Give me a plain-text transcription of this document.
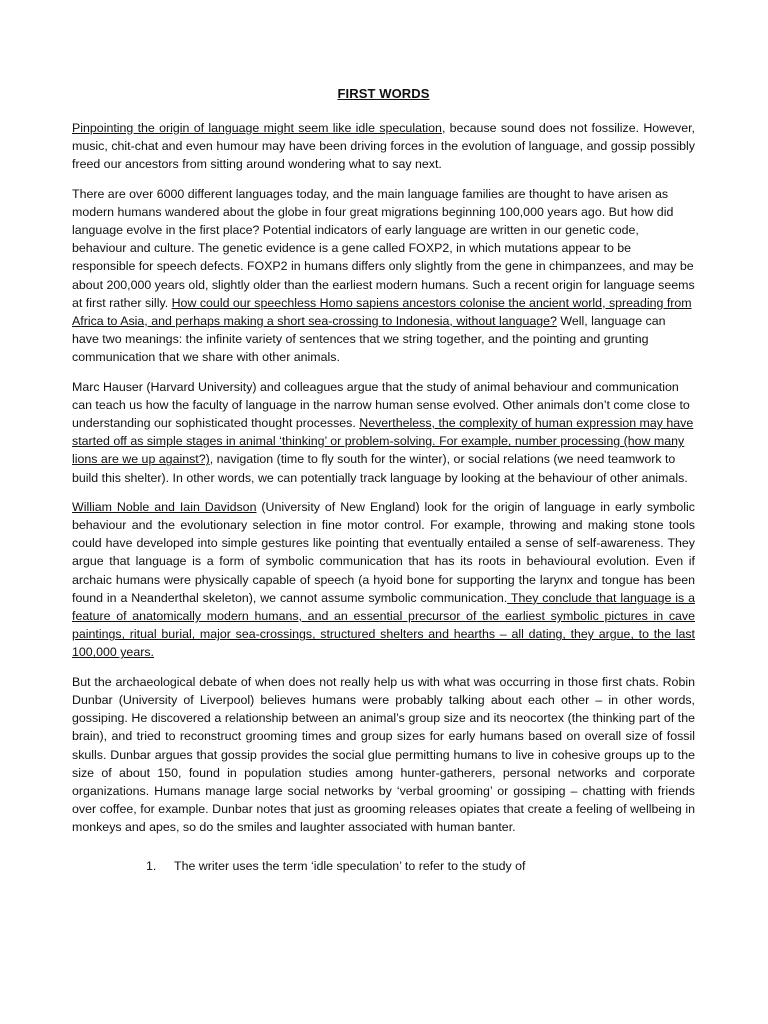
FIRST WORDS

Pinpointing the origin of language might seem like idle speculation, because sound does not fossilize. However, music, chit-chat and even humour may have been driving forces in the evolution of language, and gossip possibly freed our ancestors from sitting around wondering what to say next.

There are over 6000 different languages today, and the main language families are thought to have arisen as modern humans wandered about the globe in four great migrations beginning 100,000 years ago. But how did language evolve in the first place? Potential indicators of early language are written in our genetic code, behaviour and culture. The genetic evidence is a gene called FOXP2, in which mutations appear to be responsible for speech defects. FOXP2 in humans differs only slightly from the gene in chimpanzees, and may be about 200,000 years old, slightly older than the earliest modern humans. Such a recent origin for language seems at first rather silly. How could our speechless Homo sapiens ancestors colonise the ancient world, spreading from Africa to Asia, and perhaps making a short sea-crossing to Indonesia, without language? Well, language can have two meanings: the infinite variety of sentences that we string together, and the pointing and grunting communication that we share with other animals.

Marc Hauser (Harvard University) and colleagues argue that the study of animal behaviour and communication can teach us how the faculty of language in the narrow human sense evolved. Other animals don’t come close to understanding our sophisticated thought processes. Nevertheless, the complexity of human expression may have started off as simple stages in animal ‘thinking’ or problem-solving. For example, number processing (how many lions are we up against?), navigation (time to fly south for the winter), or social relations (we need teamwork to build this shelter). In other words, we can potentially track language by looking at the behaviour of other animals.

William Noble and Iain Davidson (University of New England) look for the origin of language in early symbolic behaviour and the evolutionary selection in fine motor control. For example, throwing and making stone tools could have developed into simple gestures like pointing that eventually entailed a sense of self-awareness. They argue that language is a form of symbolic communication that has its roots in behavioural evolution. Even if archaic humans were physically capable of speech (a hyoid bone for supporting the larynx and tongue has been found in a Neanderthal skeleton), we cannot assume symbolic communication. They conclude that language is a feature of anatomically modern humans, and an essential precursor of the earliest symbolic pictures in cave paintings, ritual burial, major sea-crossings, structured shelters and hearths – all dating, they argue, to the last 100,000 years.

But the archaeological debate of when does not really help us with what was occurring in those first chats. Robin Dunbar (University of Liverpool) believes humans were probably talking about each other – in other words, gossiping. He discovered a relationship between an animal’s group size and its neocortex (the thinking part of the brain), and tried to reconstruct grooming times and group sizes for early humans based on overall size of fossil skulls. Dunbar argues that gossip provides the social glue permitting humans to live in cohesive groups up to the size of about 150, found in population studies among hunter-gatherers, personal networks and corporate organizations. Humans manage large social networks by ‘verbal grooming’ or gossiping – chatting with friends over coffee, for example. Dunbar notes that just as grooming releases opiates that create a feeling of wellbeing in monkeys and apes, so do the smiles and laughter associated with human banter.

1.	The writer uses the term ‘idle speculation’ to refer to the study of
